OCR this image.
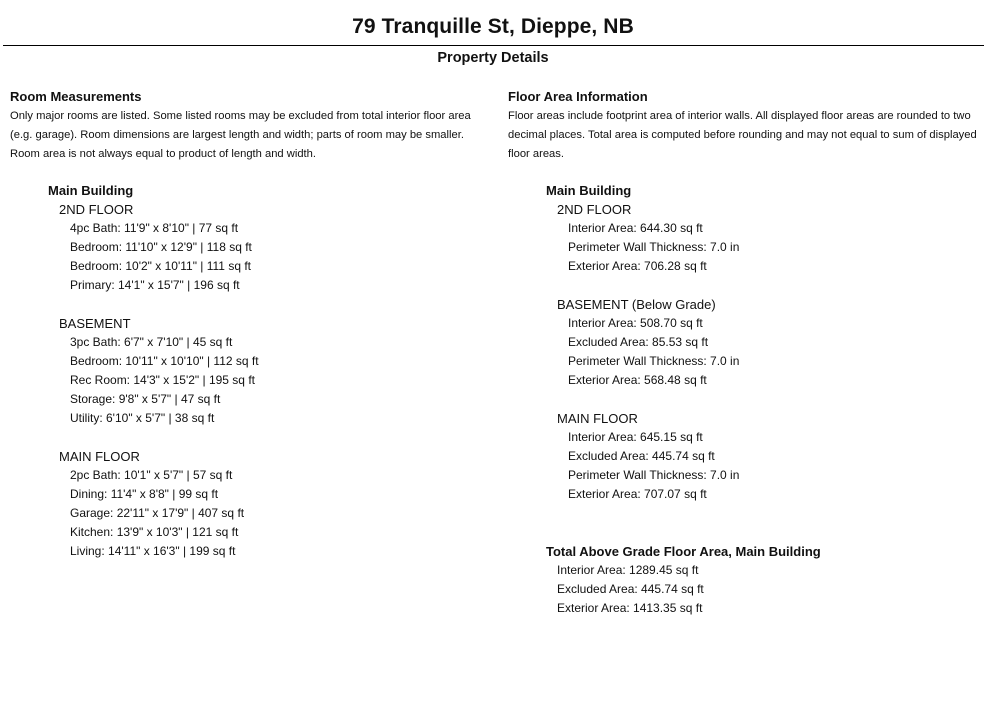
79 Tranquille St, Dieppe, NB
Property Details
Room Measurements
Only major rooms are listed. Some listed rooms may be excluded from total interior floor area (e.g. garage). Room dimensions are largest length and width; parts of room may be smaller. Room area is not always equal to product of length and width.
Main Building
2ND FLOOR
4pc Bath: 11'9" x 8'10" | 77 sq ft
Bedroom: 11'10" x 12'9" | 118 sq ft
Bedroom: 10'2" x 10'11" | 111 sq ft
Primary: 14'1" x 15'7" | 196 sq ft
BASEMENT
3pc Bath: 6'7" x 7'10" | 45 sq ft
Bedroom: 10'11" x 10'10" | 112 sq ft
Rec Room: 14'3" x 15'2" | 195 sq ft
Storage: 9'8" x 5'7" | 47 sq ft
Utility: 6'10" x 5'7" | 38 sq ft
MAIN FLOOR
2pc Bath: 10'1" x 5'7" | 57 sq ft
Dining: 11'4" x 8'8" | 99 sq ft
Garage: 22'11" x 17'9" | 407 sq ft
Kitchen: 13'9" x 10'3" | 121 sq ft
Living: 14'11" x 16'3" | 199 sq ft
Floor Area Information
Floor areas include footprint area of interior walls. All displayed floor areas are rounded to two decimal places. Total area is computed before rounding and may not equal to sum of displayed floor areas.
Main Building
2ND FLOOR
Interior Area: 644.30 sq ft
Perimeter Wall Thickness: 7.0 in
Exterior Area: 706.28 sq ft
BASEMENT (Below Grade)
Interior Area: 508.70 sq ft
Excluded Area: 85.53 sq ft
Perimeter Wall Thickness: 7.0 in
Exterior Area: 568.48 sq ft
MAIN FLOOR
Interior Area: 645.15 sq ft
Excluded Area: 445.74 sq ft
Perimeter Wall Thickness: 7.0 in
Exterior Area: 707.07 sq ft
Total Above Grade Floor Area, Main Building
Interior Area: 1289.45 sq ft
Excluded Area: 445.74 sq ft
Exterior Area: 1413.35 sq ft
